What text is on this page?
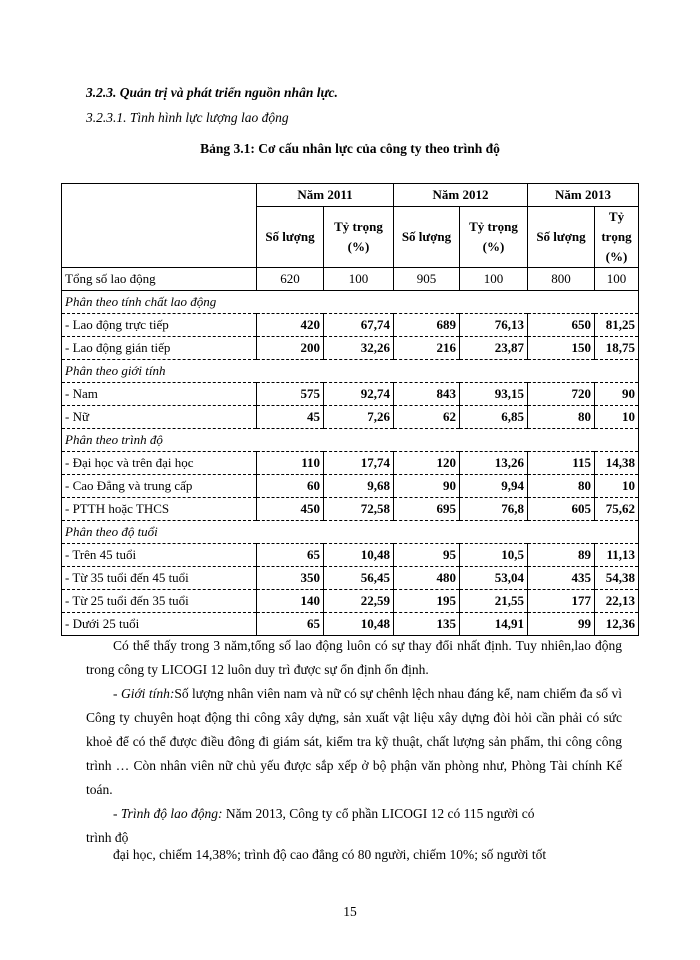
3.2.3. Quản trị và phát triển nguồn nhân lực.

3.2.3.1. Tình hình lực lượng lao động

Bảng 3.1: Cơ cấu nhân lực của công ty theo trình độ
	Năm 2011		Năm 2012		Năm 2013	
	Số lượng	Tỷ trọng (%)	Số lượng	Tỷ trọng (%)	Số lượng	Tỷ trọng (%)
Tổng số lao động	620	100	905	100	800	100
Phân theo tính chất lao động						
- Lao động trực tiếp	420	67,74	689	76,13	650	81,25
- Lao động gián tiếp	200	32,26	216	23,87	150	18,75
Phân theo giới tính						
- Nam	575	92,74	843	93,15	720	90
- Nữ	45	7,26	62	6,85	80	10
Phân theo trình độ						
- Đại học và trên đại học	110	17,74	120	13,26	115	14,38
- Cao Đẳng và trung cấp	60	9,68	90	9,94	80	10
- PTTH hoặc THCS	450	72,58	695	76,8	605	75,62
Phân theo độ tuổi						
- Trên 45 tuổi	65	10,48	95	10,5	89	11,13
- Từ 35 tuổi đến 45 tuổi	350	56,45	480	53,04	435	54,38
- Từ 25 tuổi đến 35 tuổi	140	22,59	195	21,55	177	22,13
- Dưới 25 tuổi	65	10,48	135	14,91	99	12,36

Có thể thấy trong 3 năm,tổng số lao động luôn có sự thay đổi nhất định. Tuy nhiên,lao động trong công ty LICOGI 12 luôn duy trì được sự ổn định ổn định.

- Giới tính:Số lượng nhân viên nam và nữ có sự chênh lệch nhau đáng kể, nam chiếm đa số vì Công ty chuyên hoạt động thi công xây dựng, sản xuất vật liệu xây dựng đòi hỏi cần phải có sức khoẻ để có thể được điều đông đi giám sát, kiểm tra kỹ thuật, chất lượng sản phẩm, thi công công trình … Còn nhân viên nữ chủ yếu được sắp xếp ở bộ phận văn phòng như, Phòng Tài chính Kế toán.

- Trình độ lao động: Năm 2013, Công ty cổ phần LICOGI 12 có 115 người có

trình độ

đại học, chiếm 14,38%; trình độ cao đẳng có 80 người, chiếm 10%; số người tốt

15
